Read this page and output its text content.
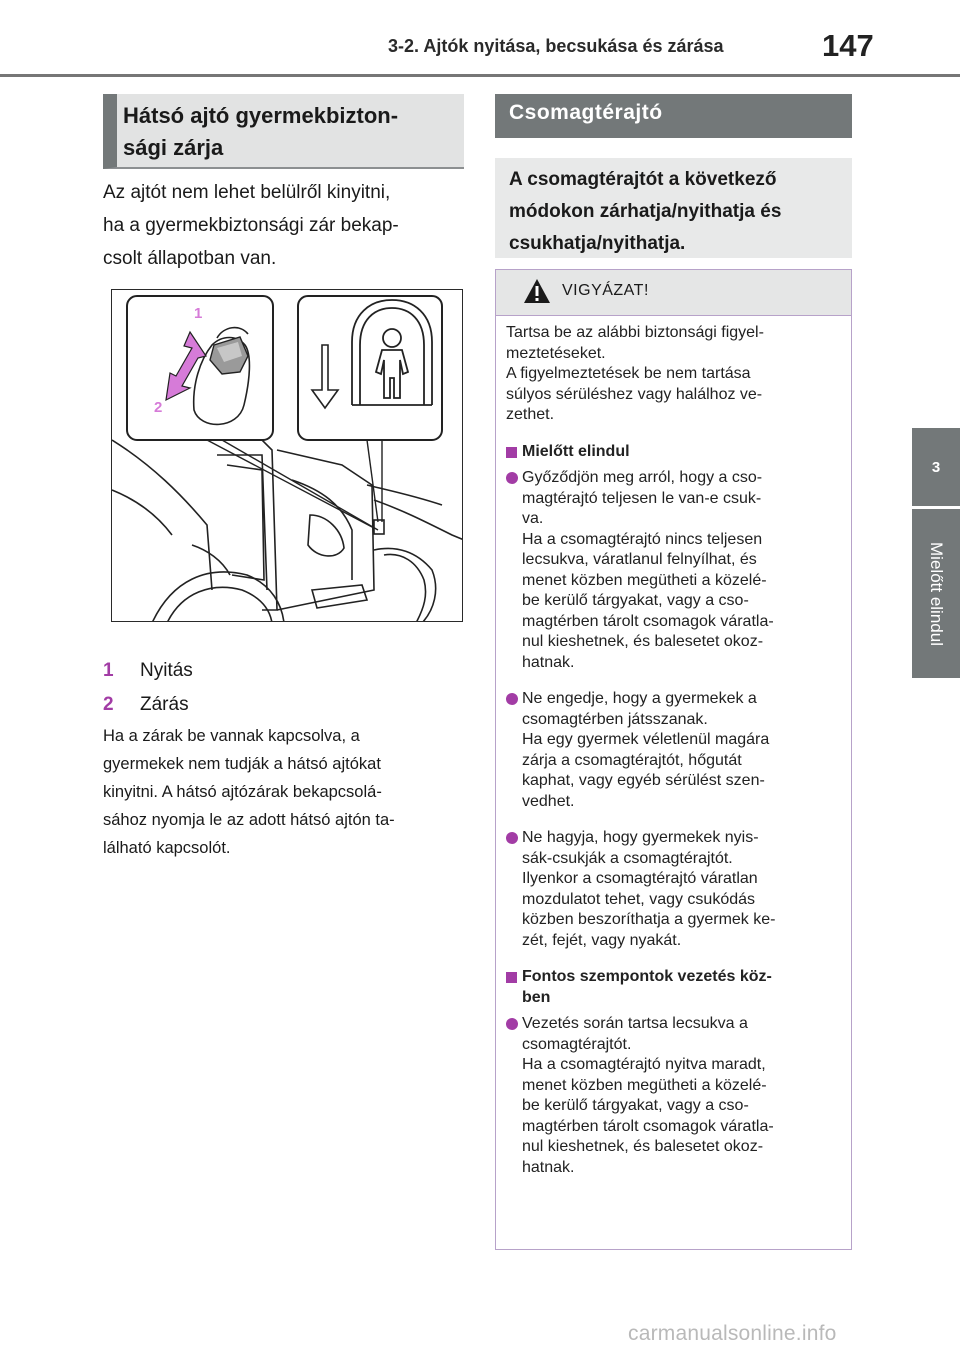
3-2. Ajtók nyitása, becsukása és zárása	147
3
Mielőtt elindul
Hátsó ajtó gyermekbizton-
sági zárja
Az ajtót nem lehet belülről kinyitni,
ha a gyermekbiztonsági zár bekap-
csolt állapotban van.
1
2
1	Nyitás
2	Zárás
Ha a zárak be vannak kapcsolva, a
gyermekek nem tudják a hátsó ajtókat
kinyitni. A hátsó ajtózárak bekapcsolá-
sához nyomja le az adott hátsó ajtón ta-
lálható kapcsolót.
Csomagtérajtó
A csomagtérajtót a következő
módokon zárhatja/nyithatja és
csukhatja/nyithatja.
VIGYÁZAT!
Tartsa be az alábbi biztonsági figyel-
meztetéseket.
A figyelmeztetések be nem tartása
súlyos sérüléshez vagy halálhoz ve-
zethet.
Mielőtt elindul
Győződjön meg arról, hogy a cso-
magtérajtó teljesen le van-e csuk-
va.
Ha a csomagtérajtó nincs teljesen
lecsukva, váratlanul felnyílhat, és
menet közben megütheti a közelé-
be kerülő tárgyakat, vagy a cso-
magtérben tárolt csomagok váratla-
nul kieshetnek, és balesetet okoz-
hatnak.
Ne engedje, hogy a gyermekek a
csomagtérben játsszanak.
Ha egy gyermek véletlenül magára
zárja a csomagtérajtót, hőgutát
kaphat, vagy egyéb sérülést szen-
vedhet.
Ne hagyja, hogy gyermekek nyis-
sák-csukják a csomagtérajtót.
Ilyenkor a csomagtérajtó váratlan
mozdulatot tehet, vagy csukódás
közben beszoríthatja a gyermek ke-
zét, fejét, vagy nyakát.
Fontos szempontok vezetés köz-
ben
Vezetés során tartsa lecsukva a
csomagtérajtót.
Ha a csomagtérajtó nyitva maradt,
menet közben megütheti a közelé-
be kerülő tárgyakat, vagy a cso-
magtérben tárolt csomagok váratla-
nul kieshetnek, és balesetet okoz-
hatnak.
carmanualsonline.info
